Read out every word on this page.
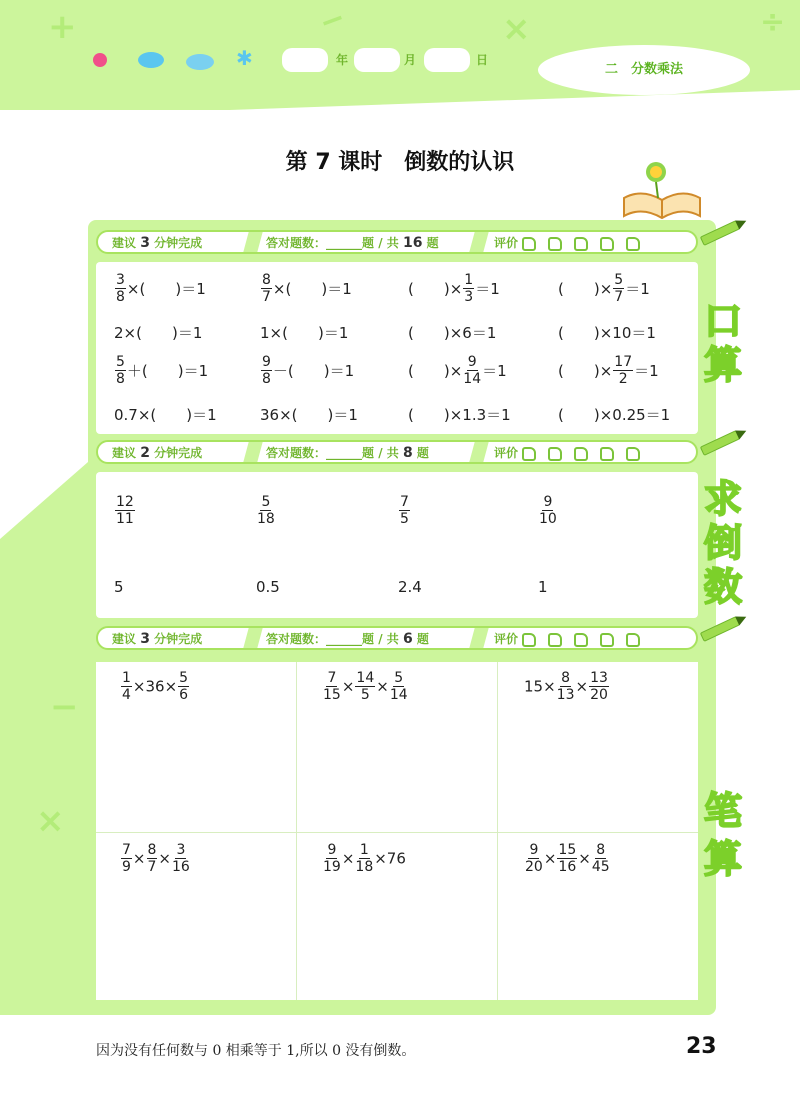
+	−	×	÷
✱	年	月	日
二　分数乘法
第 7 课时　倒数的认识
−
×
建议 3 分钟完成	答对题数：______题 / 共 16 题	评价
$\frac{3}{8}$ ×(　　)＝1	$\frac{8}{7}$ ×(　　)＝1	(　　)× $\frac{1}{3} =1$	(　　)× $\frac{5}{7} =1$
2×(　　)＝1	1×(　　)＝1	(　　)×6＝1	(　　)×10＝1
$\frac{5}{8}$ ＋(　　)＝1	$\frac{9}{8}$ －(　　)＝1	(　　)× $\frac{9}{14} =1$	(　　)× $\frac{17}{2} =1$
0.7×(　　)＝1	36×(　　)＝1	(　　)×1.3＝1	(　　)×0.25＝1
建议 2 分钟完成	答对题数：______题 / 共 8 题	评价
$\frac{12}{11}$	$\frac{5}{18}$	$\frac{7}{5}$	$\frac{9}{10}$
5	0.5	2.4	1
建议 3 分钟完成	答对题数：______题 / 共 6 题	评价
$\frac{1}{4} \times 36\times \frac{5}{6}$	$\frac{7}{15} \times \frac{14}{5} \times \frac{5}{14}$	$15\times \frac{8}{13} \times \frac{13}{20}$
$\frac{7}{9} \times \frac{8}{7} \times \frac{3}{16}$	$\frac{9}{19} \times \frac{1}{18} \times 76$	$\frac{9}{20} \times \frac{15}{16} \times \frac{8}{45}$
口
算
求
倒
数
笔
算
因为没有任何数与 0 相乘等于 1,所以 0 没有倒数。	23
